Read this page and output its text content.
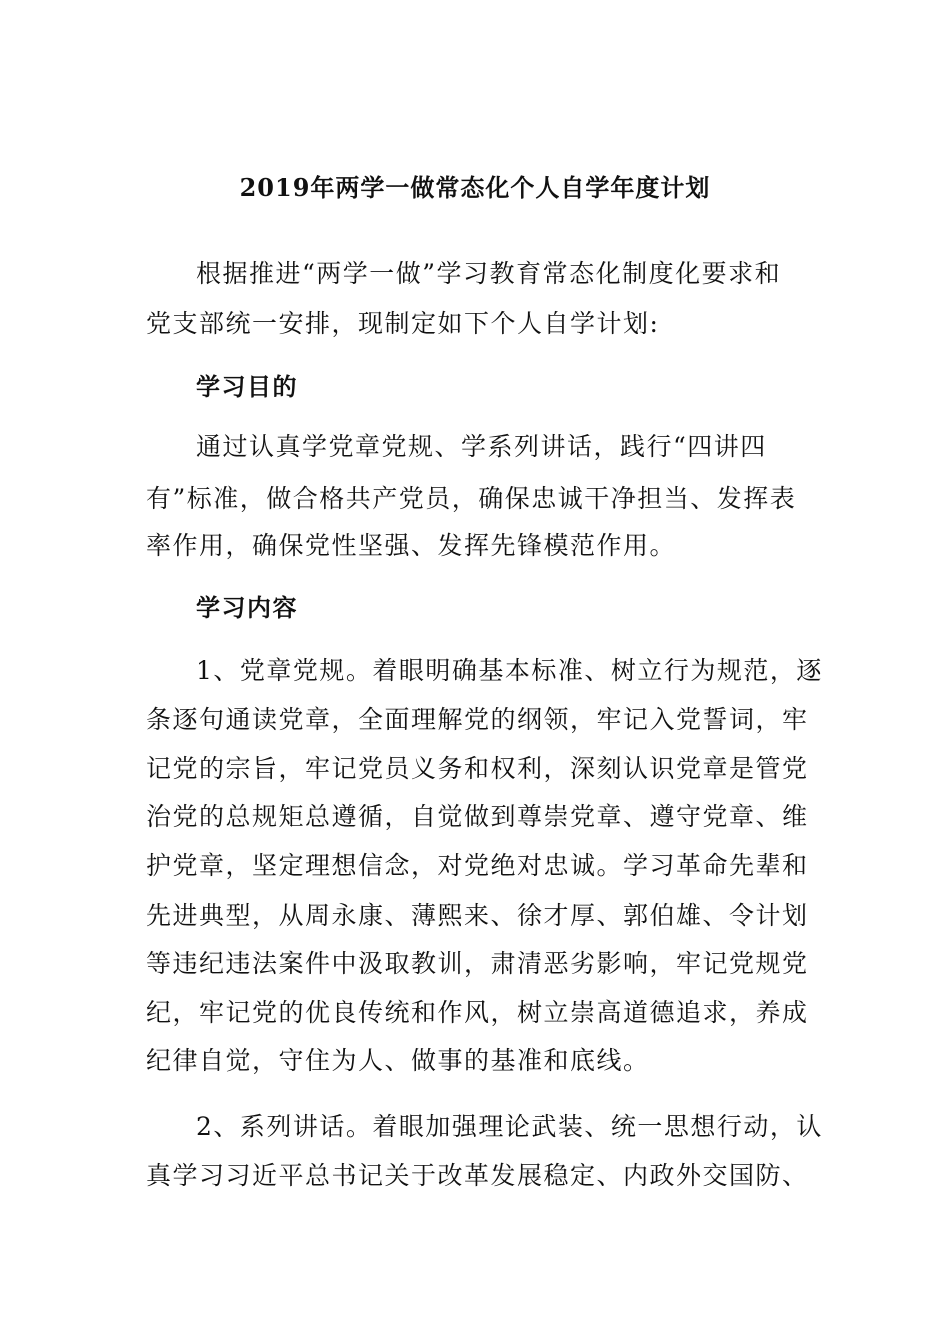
2019年两学一做常态化个人自学年度计划

根据推进“两学一做”学习教育常态化制度化要求和

党支部统一安排，现制定如下个人自学计划:

学习目的

通过认真学党章党规、学系列讲话，践行“四讲四

有”标准，做合格共产党员，确保忠诚干净担当、发挥表

率作用，确保党性坚强、发挥先锋模范作用。

学习内容

1、党章党规。着眼明确基本标准、树立行为规范，逐

条逐句通读党章，全面理解党的纲领，牢记入党誓词，牢

记党的宗旨，牢记党员义务和权利，深刻认识党章是管党

治党的总规矩总遵循，自觉做到尊崇党章、遵守党章、维

护党章，坚定理想信念，对党绝对忠诚。学习革命先辈和

先进典型，从周永康、薄熙来、徐才厚、郭伯雄、令计划

等违纪违法案件中汲取教训，肃清恶劣影响，牢记党规党

纪，牢记党的优良传统和作风，树立崇高道德追求，养成

纪律自觉，守住为人、做事的基准和底线。

2、系列讲话。着眼加强理论武装、统一思想行动，认

真学习习近平总书记关于改革发展稳定、内政外交国防、
